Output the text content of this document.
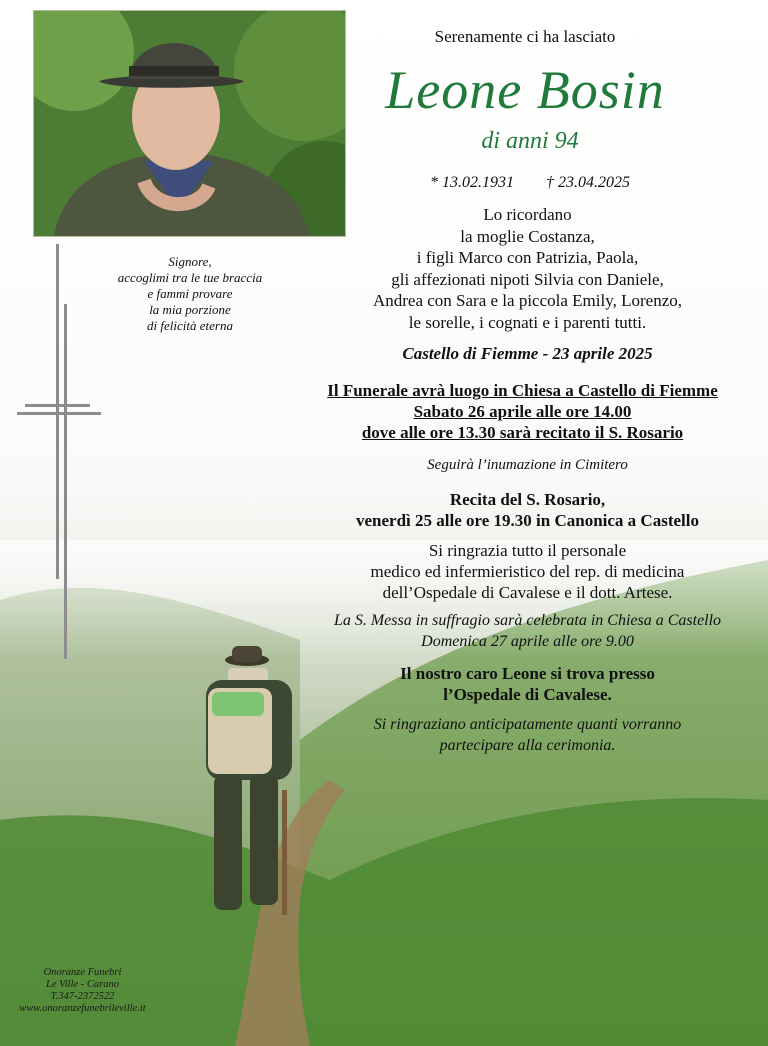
Serenamente ci ha lasciato
Leone Bosin
di anni 94
* 13.02.1931 † 23.04.2025
Signore,
accoglimi tra le tue braccia
e fammi provare
la mia porzione
di felicità eterna
Lo ricordano
la moglie Costanza,
i figli Marco con Patrizia, Paola,
gli affezionati nipoti Silvia con Daniele,
Andrea con Sara e la piccola Emily, Lorenzo,
le sorelle, i cognati e i parenti tutti.
Castello di Fiemme - 23 aprile 2025
Il Funerale avrà luogo in Chiesa a Castello di Fiemme
Sabato 26 aprile alle ore 14.00
dove alle ore 13.30 sarà recitato il S. Rosario
Seguirà l’inumazione in Cimitero
Recita del S. Rosario,
venerdì 25 alle ore 19.30 in Canonica a Castello
Si ringrazia tutto il personale
medico ed infermieristico del rep. di medicina
dell’Ospedale di Cavalese e il dott. Artese.
La S. Messa in suffragio sarà celebrata in Chiesa a Castello
Domenica 27 aprile alle ore 9.00
Il nostro caro Leone si trova presso
l’Ospedale di Cavalese.
Si ringraziano anticipatamente quanti vorranno
partecipare alla cerimonia.
Onoranze Funebri
Le Ville - Carano
T.347-2372522
www.onoranzefunebrileville.it
